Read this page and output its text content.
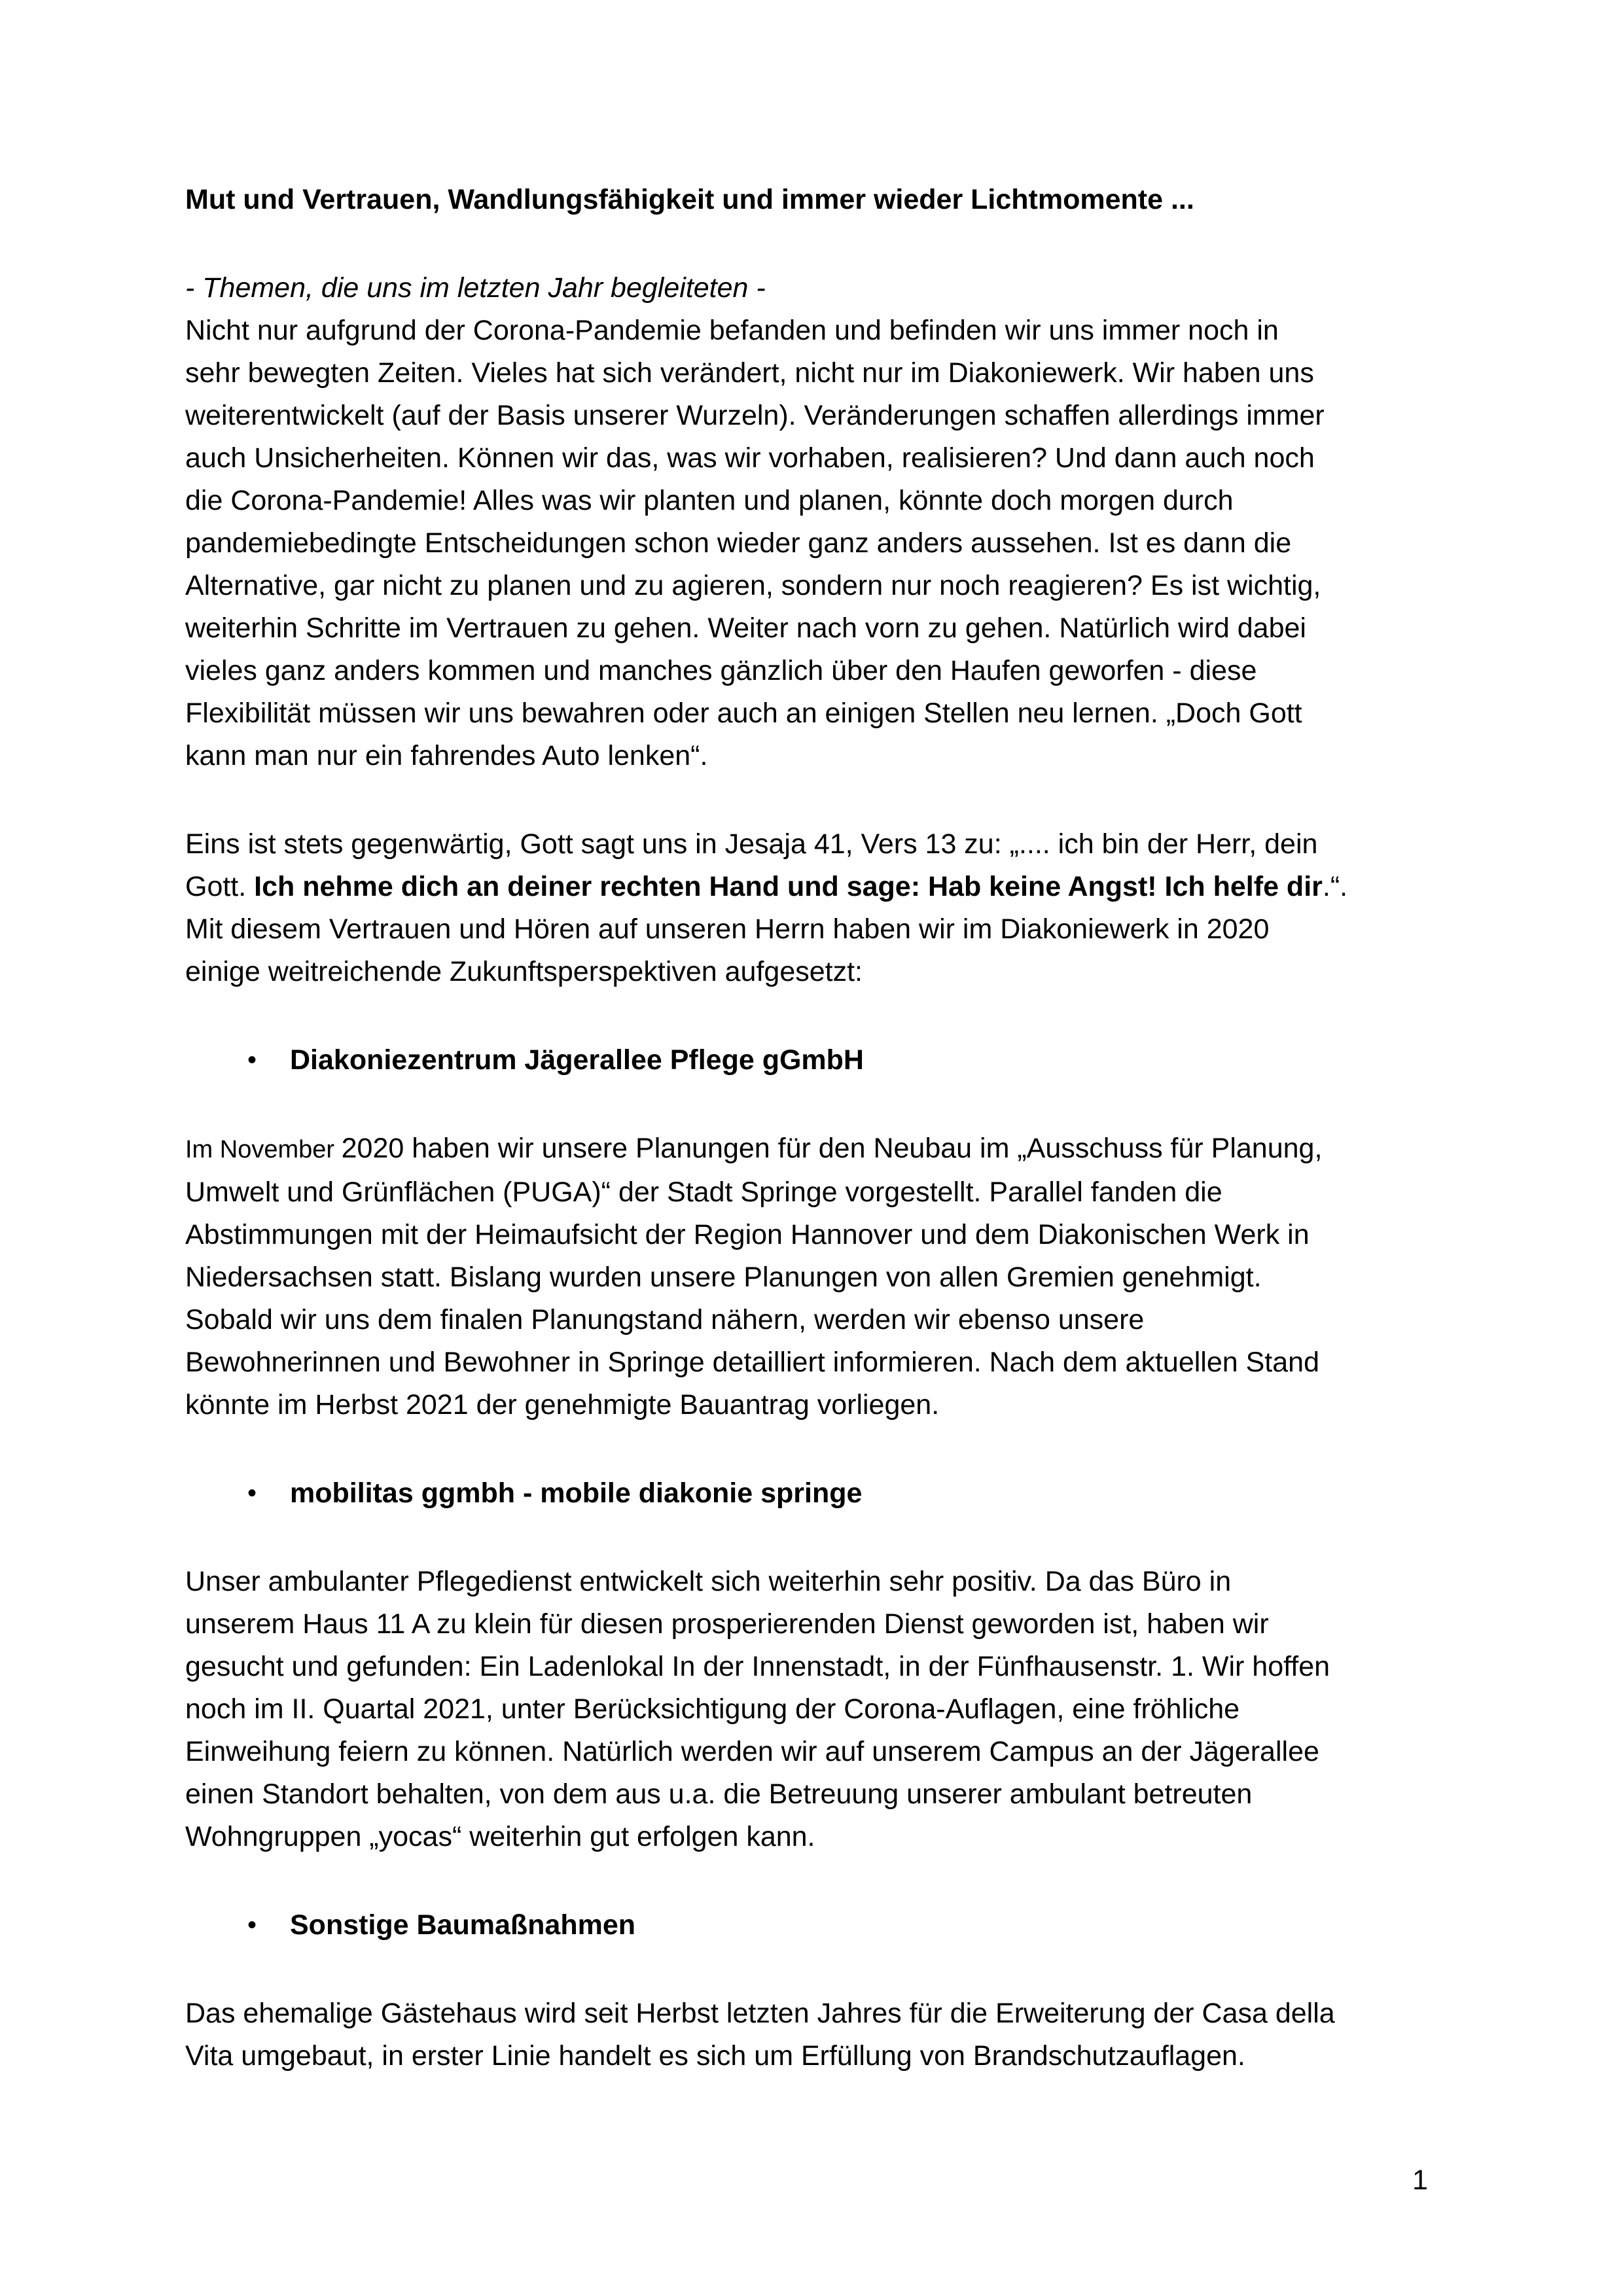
Mut und Vertrauen, Wandlungsfähigkeit und immer wieder Lichtmomente ...
- Themen, die uns im letzten Jahr begleiteten -
Nicht nur aufgrund der Corona-Pandemie befanden und befinden wir uns immer noch in
sehr bewegten Zeiten. Vieles hat sich verändert, nicht nur im Diakoniewerk. Wir haben uns
weiterentwickelt (auf der Basis unserer Wurzeln). Veränderungen schaffen allerdings immer
auch Unsicherheiten. Können wir das, was wir vorhaben, realisieren? Und dann auch noch
die Corona-Pandemie! Alles was wir planten und planen, könnte doch morgen durch
pandemiebedingte Entscheidungen schon wieder ganz anders aussehen. Ist es dann die
Alternative, gar nicht zu planen und zu agieren, sondern nur noch reagieren? Es ist wichtig,
weiterhin Schritte im Vertrauen zu gehen. Weiter nach vorn zu gehen. Natürlich wird dabei
vieles ganz anders kommen und manches gänzlich über den Haufen geworfen - diese
Flexibilität müssen wir uns bewahren oder auch an einigen Stellen neu lernen. „Doch Gott
kann man nur ein fahrendes Auto lenken“.
Eins ist stets gegenwärtig, Gott sagt uns in Jesaja 41, Vers 13 zu: „.... ich bin der Herr, dein
Gott. Ich nehme dich an deiner rechten Hand und sage: Hab keine Angst! Ich helfe dir.“.
Mit diesem Vertrauen und Hören auf unseren Herrn haben wir im Diakoniewerk in 2020
einige weitreichende Zukunftsperspektiven aufgesetzt:
• Diakoniezentrum Jägerallee Pflege gGmbH
Im November 2020 haben wir unsere Planungen für den Neubau im „Ausschuss für Planung,
Umwelt und Grünflächen (PUGA)“ der Stadt Springe vorgestellt. Parallel fanden die
Abstimmungen mit der Heimaufsicht der Region Hannover und dem Diakonischen Werk in
Niedersachsen statt. Bislang wurden unsere Planungen von allen Gremien genehmigt.
Sobald wir uns dem finalen Planungstand nähern, werden wir ebenso unsere
Bewohnerinnen und Bewohner in Springe detailliert informieren. Nach dem aktuellen Stand
könnte im Herbst 2021 der genehmigte Bauantrag vorliegen.
• mobilitas ggmbh - mobile diakonie springe
Unser ambulanter Pflegedienst entwickelt sich weiterhin sehr positiv. Da das Büro in
unserem Haus 11 A zu klein für diesen prosperierenden Dienst geworden ist, haben wir
gesucht und gefunden: Ein Ladenlokal In der Innenstadt, in der Fünfhausenstr. 1. Wir hoffen
noch im II. Quartal 2021, unter Berücksichtigung der Corona-Auflagen, eine fröhliche
Einweihung feiern zu können. Natürlich werden wir auf unserem Campus an der Jägerallee
einen Standort behalten, von dem aus u.a. die Betreuung unserer ambulant betreuten
Wohngruppen „yocas“ weiterhin gut erfolgen kann.
• Sonstige Baumaßnahmen
Das ehemalige Gästehaus wird seit Herbst letzten Jahres für die Erweiterung der Casa della
Vita umgebaut, in erster Linie handelt es sich um Erfüllung von Brandschutzauflagen.
1
